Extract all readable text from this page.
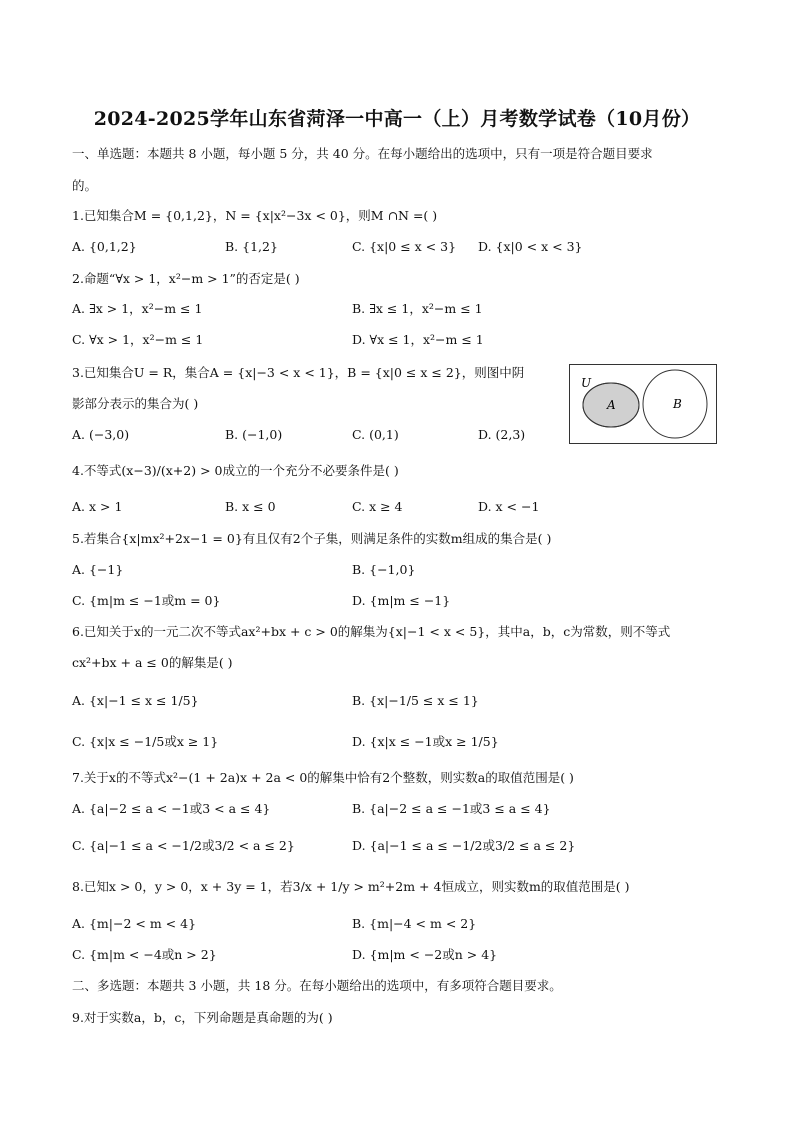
2024-2025学年山东省菏泽一中高一（上）月考数学试卷（10月份）
一、单选题：本题共 8 小题，每小题 5 分，共 40 分。在每小题给出的选项中，只有一项是符合题目要求
的。
1.已知集合M = {0,1,2}，N = {x|x²−3x < 0}，则M ∩N =( )
A. {0,1,2}	B. {1,2}	C. {x|0 ≤ x < 3} D. {x|0 < x < 3}
2.命题“∀x > 1，x²−m > 1”的否定是( )
A. ∃x > 1，x²−m ≤ 1	B. ∃x ≤ 1，x²−m ≤ 1
C. ∀x > 1，x²−m ≤ 1	D. ∀x ≤ 1，x²−m ≤ 1
3.已知集合U = R，集合A = {x|−3 < x < 1}，B = {x|0 ≤ x ≤ 2}，则图中阴
影部分表示的集合为( )
A. (−3,0)	B. (−1,0)	C. (0,1)	D. (2,3)
U
A	B
4.不等式(x−3)/(x+2) > 0成立的一个充分不必要条件是( )
A. x > 1	B. x ≤ 0	C. x ≥ 4	D. x < −1
5.若集合{x|mx²+2x−1 = 0}有且仅有2个子集，则满足条件的实数m组成的集合是( )
A. {−1}	B. {−1,0}
C. {m|m ≤ −1或m = 0}	D. {m|m ≤ −1}
6.已知关于x的一元二次不等式ax²+bx + c > 0的解集为{x|−1 < x < 5}，其中a，b，c为常数，则不等式
cx²+bx + a ≤ 0的解集是( )
A. {x|−1 ≤ x ≤ 1/5}	B. {x|−1/5 ≤ x ≤ 1}
C. {x|x ≤ −1/5或x ≥ 1}	D. {x|x ≤ −1或x ≥ 1/5}
7.关于x的不等式x²−(1 + 2a)x + 2a < 0的解集中恰有2个整数，则实数a的取值范围是( )
A. {a|−2 ≤ a < −1或3 < a ≤ 4}	B. {a|−2 ≤ a ≤ −1或3 ≤ a ≤ 4}
C. {a|−1 ≤ a < −1/2或3/2 < a ≤ 2}	D. {a|−1 ≤ a ≤ −1/2或3/2 ≤ a ≤ 2}
8.已知x > 0，y > 0，x + 3y = 1，若3/x + 1/y > m²+2m + 4恒成立，则实数m的取值范围是( )
A. {m|−2 < m < 4}	B. {m|−4 < m < 2}
C. {m|m < −4或n > 2}	D. {m|m < −2或n > 4}
二、多选题：本题共 3 小题，共 18 分。在每小题给出的选项中，有多项符合题目要求。
9.对于实数a，b，c，下列命题是真命题的为( )
